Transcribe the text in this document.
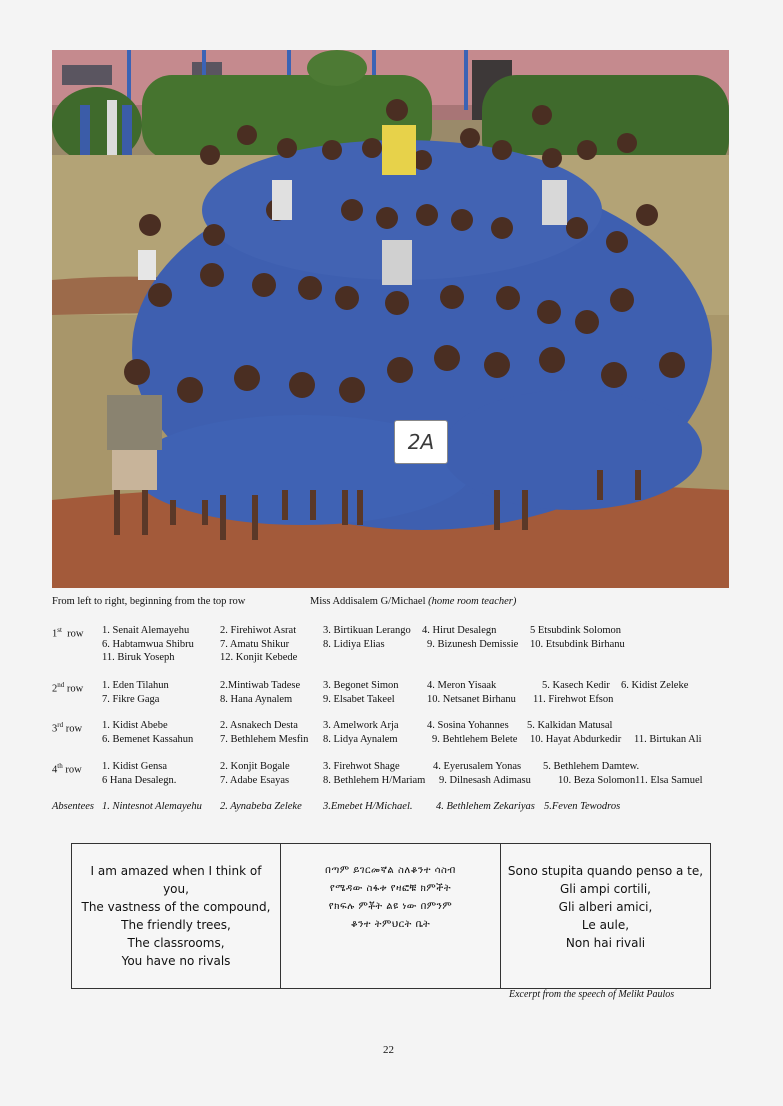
2A
From left to right, beginning from the top row	Miss Addisalem G/Michael (home room teacher)
1st row 1. Senait Alemayehu	2. Firehiwot Asrat	3. Birtikuan Lerango 4. Hirut Desalegn	5 Etsubdink Solomon
6. Habtamwua Shibru 7. Amatu Shikur	8. Lidiya Elias	9. Bizunesh Demissie 10. Etsubdink Birhanu
11. Biruk Yoseph	12. Konjit Kebede
2nd row 1. Eden Tilahun	2.Mintiwab Tadese 3. Begonet Simon	4. Meron Yisaak	5. Kasech Kedir 6. Kidist Zeleke
7. Fikre Gaga	8. Hana Aynalem	9. Elsabet Takeel	10. Netsanet Birhanu 11. Firehwot Efson
3rd row 1. Kidist Abebe	2. Asnakech Desta 3. Amelwork Arja	4. Sosina Yohannes 5. Kalkidan Matusal
6. Bemenet Kassahun	7. Bethlehem Mesfin 8. Lidya Aynalem	9. Behtlehem Belete 10. Hayat Abdurkedir 11. Birtukan Ali
4th row 1. Kidist Gensa	2. Konjit Bogale	3. Firehwot Shage	4. Eyerusalem Yonas 5. Bethlehem Damtew.
6 Hana Desalegn.	7. Adabe Esayas	8. Bethlehem H/Mariam 9. Dilnesash Adimasu	10. Beza Solomon 11. Elsa Samuel
Absentees 1. Nintesnot Alemayehu 2. Aynabeba Zeleke 3.Emebet H/Michael. 4. Bethlehem Zekariyas 5.Feven Tewodros
I am amazed when I think of
you,
The vastness of the compound,
The friendly trees,
The classrooms,
You have no rivals
በጣም ይገርመኛል ስለቆንተ ሳስብ
የሜዳው ስፋቱ የዛፎቹ ክምችት
የክፍሉ ምቾት ልዩ ነው በምንም
ቆንተ ትምህርት ቤት
Sono stupita quando penso a te,
Gli ampi cortili,
Gli alberi amici,
Le aule,
Non hai rivali
Excerpt from the speech of Melikt Paulos
22
